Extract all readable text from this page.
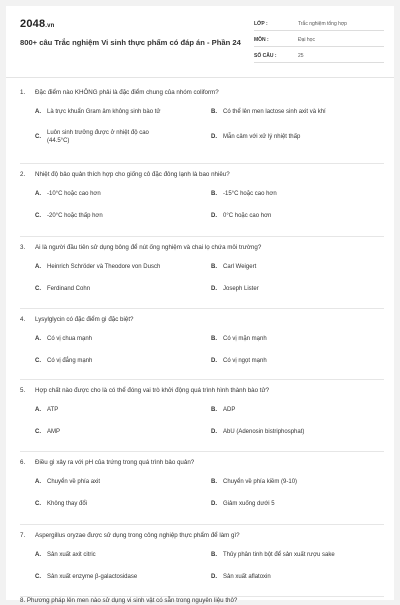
2048.vn
800+ câu Trắc nghiệm Vi sinh thực phẩm có đáp án - Phần 24
LỚP :	Trắc nghiệm tổng hợp
MÔN :	Đại học
SỐ CÂU :	25
1. Đặc điểm nào KHÔNG phải là đặc điểm chung của nhóm coliform?
A.	Là trực khuẩn Gram âm không sinh bào tử	B.	Có thể lên men lactose sinh axit và khí
C.
Luôn sinh trưởng được ở nhiệt độ cao (44.5°C)
D.	Mẫn cảm với xử lý nhiệt thấp
2. Nhiệt độ bảo quản thích hợp cho giống cô đặc đông lạnh là bao nhiêu?
A.	-10°C hoặc cao hơn	B.	-15°C hoặc cao hơn
C.	-20°C hoặc thấp hơn	D.	0°C hoặc cao hơn
3. Ai là người đầu tiên sử dụng bông để nút ống nghiệm và chai lọ chứa môi trường?
A.	Heinrich Schröder và Theodore von Dusch	B.	Carl Weigert
C.	Ferdinand Cohn	D.	Joseph Lister
4. Lysylglycin có đặc điểm gì đặc biệt?
A.	Có vị chua mạnh	B.	Có vị mặn mạnh
C.	Có vị đắng mạnh	D.	Có vị ngọt mạnh
5. Hợp chất nào được cho là có thể đóng vai trò khởi động quá trình hình thành bào tử?
A.	ATP	B.	ADP
C.	AMP	D.	AbU (Adenosin bistriphosphat)
6. Điều gì xảy ra với pH của trứng trong quá trình bảo quản?
A.	Chuyển về phía axit	B.	Chuyển về phía kiềm (9-10)
C.	Không thay đổi	D.	Giảm xuống dưới 5
7. Aspergillus oryzae được sử dụng trong công nghiệp thực phẩm để làm gì?
A.	Sản xuất axit citric	B.	Thủy phân tinh bột để sản xuất rượu sake
C.	Sản xuất enzyme β-galactosidase	D.	Sản xuất aflatoxin
8. Phương pháp lên men nào sử dụng vi sinh vật có sẵn trong nguyên liệu thô?
